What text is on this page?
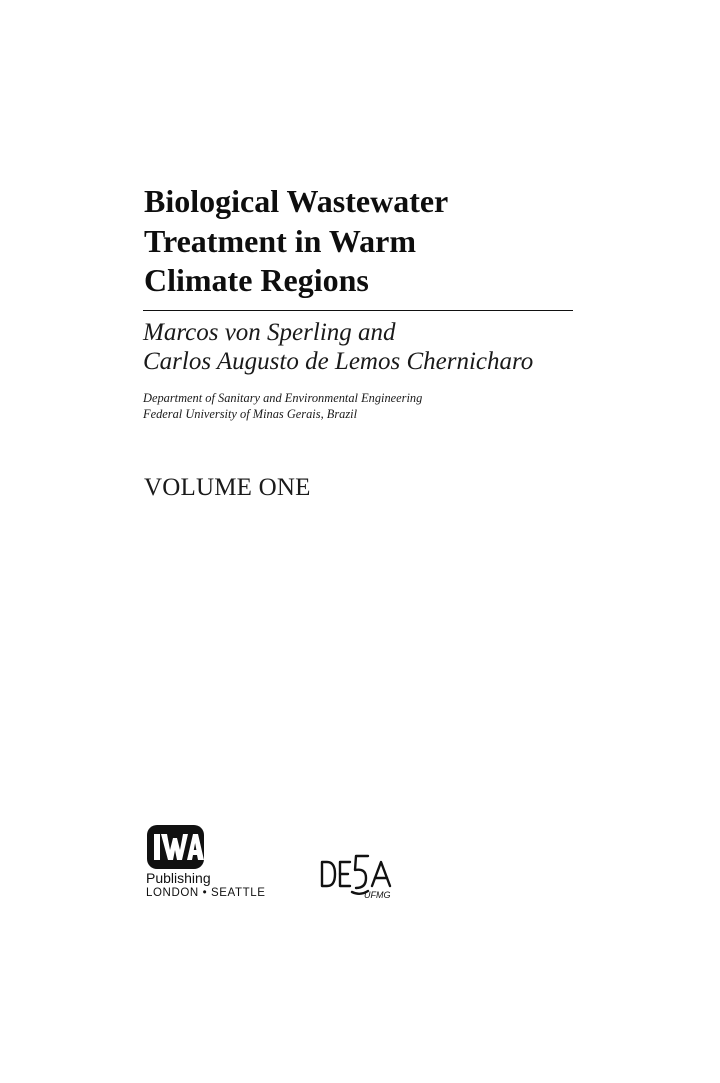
Biological Wastewater
Treatment in Warm
Climate Regions
Marcos von Sperling and
Carlos Augusto de Lemos Chernicharo
Department of Sanitary and Environmental Engineering
Federal University of Minas Gerais, Brazil
VOLUME ONE
Publishing
LONDON • SEATTLE	UFMG
